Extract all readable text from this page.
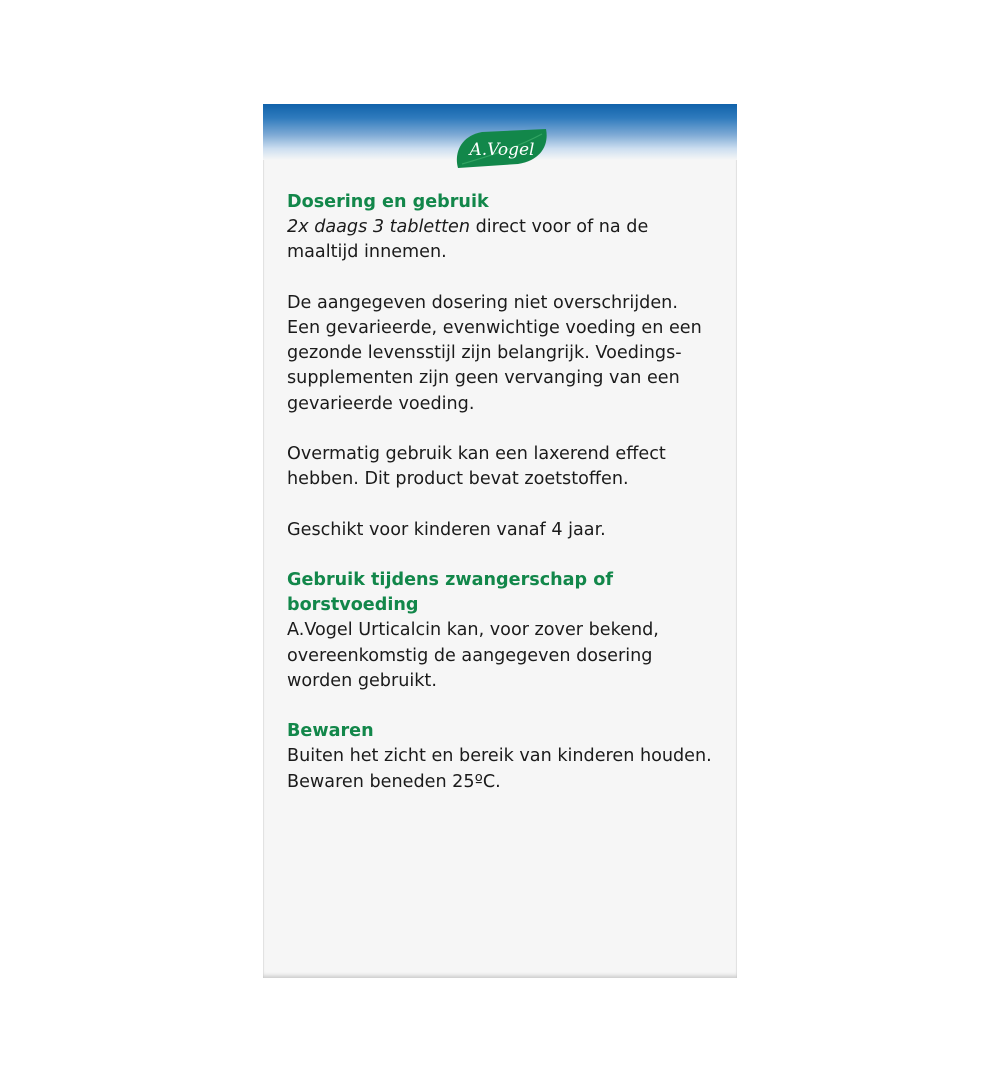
A.Vogel

Dosering en gebruik

2x daags 3 tabletten direct voor of na de

maaltijd innemen.

De aangegeven dosering niet overschrijden.
Een gevarieerde, evenwichtige voeding en een
gezonde levensstijl zijn belangrijk. Voedings-
supplementen zijn geen vervanging van een
gevarieerde voeding.

Overmatig gebruik kan een laxerend effect
hebben. Dit product bevat zoetstoffen.

Geschikt voor kinderen vanaf 4 jaar.

Gebruik tijdens zwangerschap of borstvoeding

A.Vogel Urticalcin kan, voor zover bekend,
overeenkomstig de aangegeven dosering
worden gebruikt.

Bewaren

Buiten het zicht en bereik van kinderen houden.
Bewaren beneden 25ºC.
